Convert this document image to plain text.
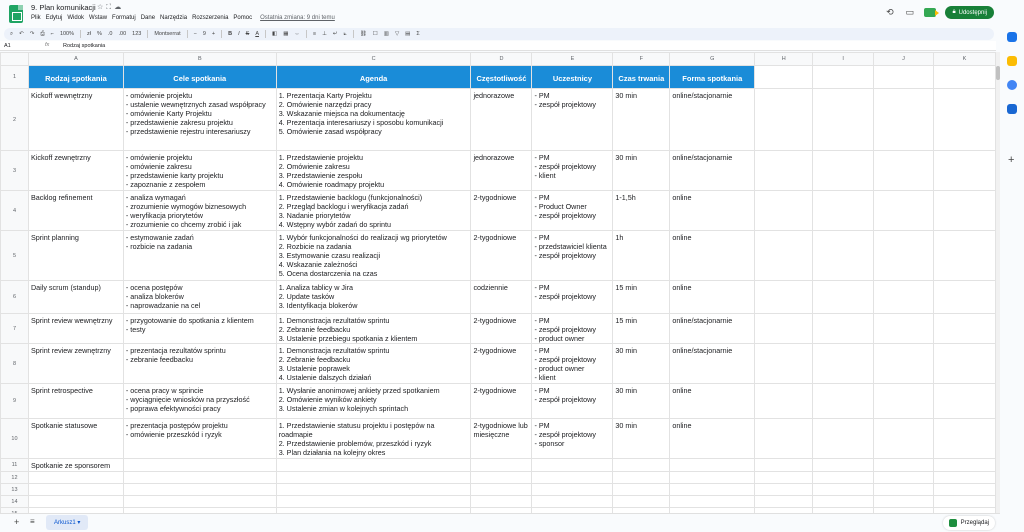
9. Plan komunikacji ☆⛶☁
Plik Edytuj Widok Wstaw Formatuj Dane Narzędzia Rozszerzenia Pomoc Ostatnia zmiana: 9 dni temu
⟲ ▭	🔒︎ Udostępnij
⌕ ↶ ↷ ⎙ ⌐ 100% zł % .0 .00 123 Montserrat − 9 + B I S A ◧ ▦ ⇔ ≡ ⊥ ↵ ⟀ ⛓ ☐ ▥ ▽ ▤ Σ
A1	fx Rodzaj spotkania
	A	B	C	D	E	F	G	H	I	J	K
1	Rodzaj spotkania	Cele spotkania	Agenda	Częstotliwość	Uczestnicy	Czas trwania	Forma spotkania				
2	Kickoff wewnętrzny	- omówienie projektu
- ustalenie wewnętrznych zasad współpracy
- omówienie Karty Projektu
- przedstawienie zakresu projektu
- przedstawienie rejestru interesariuszy	1. Prezentacja Karty Projektu
2. Omówienie narzędzi pracy
3. Wskazanie miejsca na dokumentację
4. Prezentacja interesariuszy i sposobu komunikacji
5. Omówienie zasad współpracy	jednorazowe	- PM
- zespół projektowy	30 min	online/stacjonarnie				
3	Kickoff zewnętrzny	- omówienie projektu
- omówienie zakresu
- przedstawienie karty projektu
- zapoznanie z zespołem	1. Przedstawienie projektu
2. Omówienie zakresu
3. Przedstawienie zespołu
4. Omówienie roadmapy projektu	jednorazowe	- PM
- zespół projektowy
- klient	30 min	online/stacjonarnie				
4	Backlog refinement	- analiza wymagań
- zrozumienie wymogów biznesowych
- weryfikacja priorytetów
- zrozumienie co chcemy zrobić i jak	1. Przedstawienie backlogu (funkcjonalności)
2. Przegląd backlogu i weryfikacja zadań
3. Nadanie priorytetów
4. Wstępny wybór zadań do sprintu	2-tygodniowe	- PM
- Product Owner
- zespół projektowy	1-1,5h	online				
5	Sprint planning	- estymowanie zadań
- rozbicie na zadania	1. Wybór funkcjonalności do realizacji wg priorytetów
2. Rozbicie na zadania
3. Estymowanie czasu realizacji
4. Wskazanie zależności
5. Ocena dostarczenia na czas	2-tygodniowe	- PM
- przedstawiciel klienta
- zespół projektowy	1h	online				
6	Daily scrum (standup)	- ocena postępów
- analiza blokerów
- naprowadzanie na cel	1. Analiza tablicy w Jira
2. Update tasków
3. Identyfikacja blokerów	codziennie	- PM
- zespół projektowy	15 min	online				
7	Sprint review wewnętrzny	- przygotowanie do spotkania z klientem
- testy	1. Demonstracja rezultatów sprintu
2. Zebranie feedbacku
3. Ustalenie przebiegu spotkania z klientem	2-tygodniowe	- PM
- zespół projektowy
- product owner	15 min	online/stacjonarnie				
8	Sprint review zewnętrzny	- prezentacja rezultatów sprintu
- zebranie feedbacku	1. Demonstracja rezultatów sprintu
2. Zebranie feedbacku
3. Ustalenie poprawek
4. Ustalenie dalszych działań	2-tygodniowe	- PM
- zespół projektowy
- product owner
- klient	30 min	online/stacjonarnie				
9	Sprint retrospective	- ocena pracy w sprincie
- wyciągnięcie wniosków na przyszłość
- poprawa efektywności pracy	1. Wysłanie anonimowej ankiety przed spotkaniem
2. Omówienie wyników ankiety
3. Ustalenie zmian w kolejnych sprintach	2-tygodniowe	- PM
- zespół projektowy	30 min	online				
10	Spotkanie statusowe	- prezentacja postępów projektu
- omówienie przeszkód i ryzyk	1. Przedstawienie statusu projektu i postępów na roadmapie
2. Przedstawienie problemów, przeszkód i ryzyk
3. Plan działania na kolejny okres	2-tygodniowe lub miesięczne	- PM
- zespół projektowy
- sponsor	30 min	online				
11	Spotkanie ze sponsorem										
12											
13											
14											

+
+ ≡	Arkusz1 ▾	Przeglądaj
